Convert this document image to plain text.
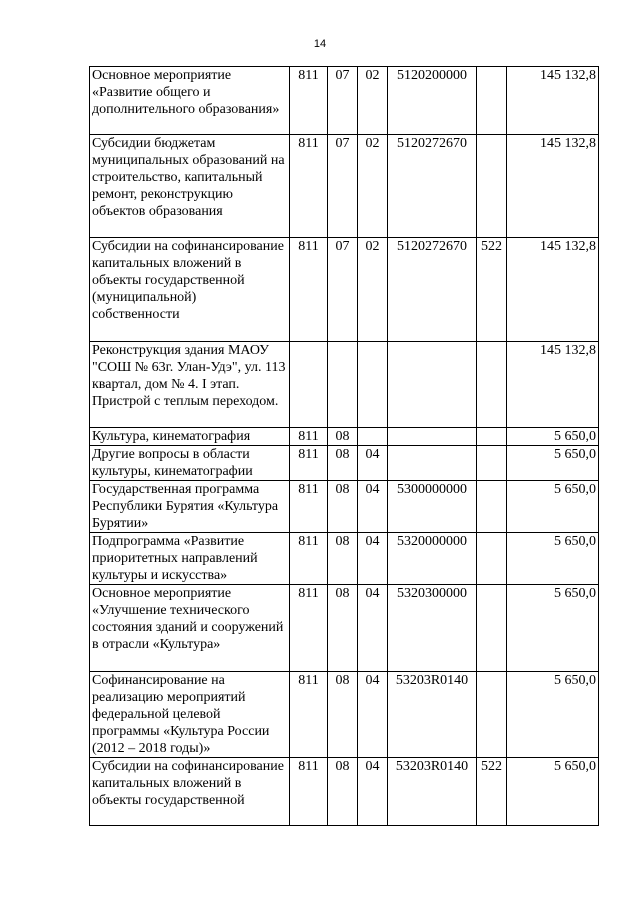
14
Основное мероприятие «Развитие общего и дополнительного образования»	811	07	02	5120200000		145 132,8
Субсидии бюджетам муниципальных образований на строительство, капитальный ремонт, реконструкцию объектов образования	811	07	02	5120272670		145 132,8
Субсидии на софинансирование капитальных вложений в объекты государственной (муниципальной) собственности	811	07	02	5120272670	522	145 132,8
Реконструкция здания МАОУ "СОШ № 63г. Улан-Удэ", ул. 113 квартал, дом № 4. I этап. Пристрой с теплым переходом.						145 132,8
Культура, кинематография	811	08				5 650,0
Другие вопросы в области культуры, кинематографии	811	08	04			5 650,0
Государственная программа Республики Бурятия «Культура Бурятии»	811	08	04	5300000000		5 650,0
Подпрограмма «Развитие приоритетных направлений культуры и искусства»	811	08	04	5320000000		5 650,0
Основное мероприятие «Улучшение технического состояния зданий и сооружений в отрасли «Культура»	811	08	04	5320300000		5 650,0
Софинансирование на реализацию мероприятий федеральной целевой программы «Культура России (2012 – 2018 годы)»	811	08	04	53203R0140		5 650,0
Субсидии на софинансирование капитальных вложений в объекты государственной	811	08	04	53203R0140	522	5 650,0
